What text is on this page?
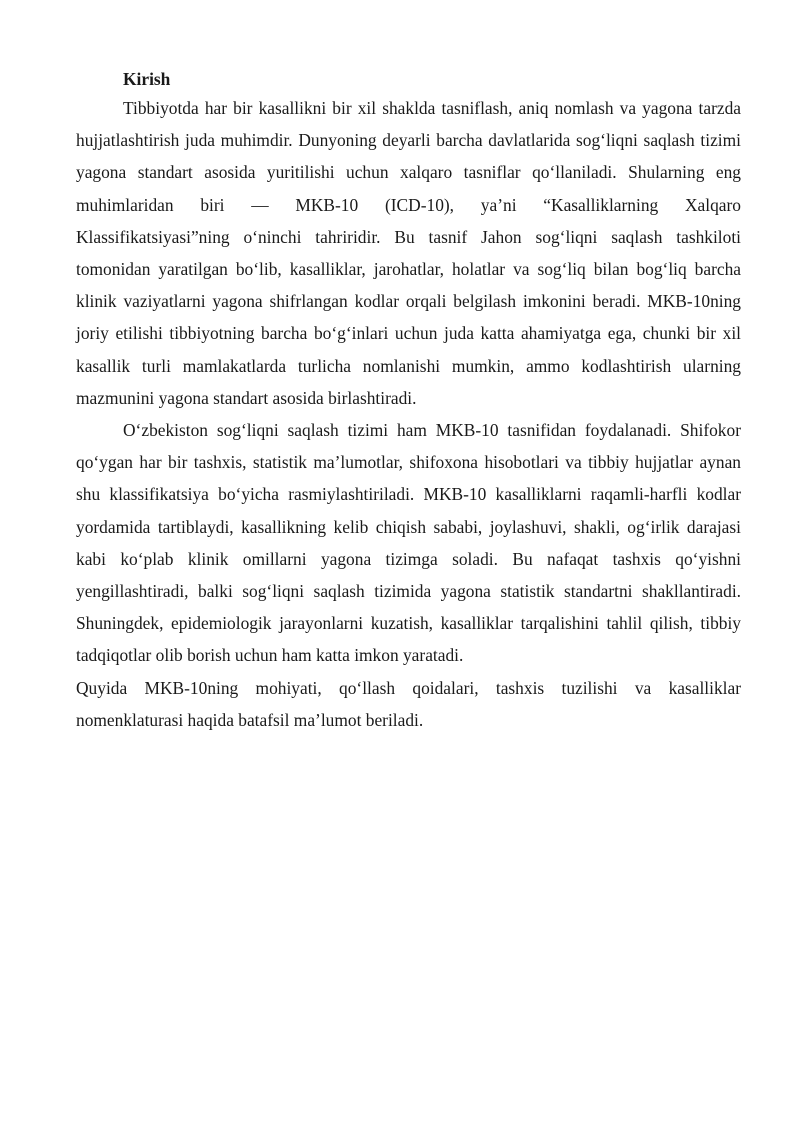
Kirish

Tibbiyotda har bir kasallikni bir xil shaklda tasniflash, aniq nomlash va yagona tarzda hujjatlashtirish juda muhimdir. Dunyoning deyarli barcha davlatlarida sog‘liqni saqlash tizimi yagona standart asosida yuritilishi uchun xalqaro tasniflar qo‘llaniladi. Shularning eng muhimlaridan biri — MKB-10 (ICD-10), ya’ni “Kasalliklarning Xalqaro Klassifikatsiyasi”ning o‘ninchi tahriridir. Bu tasnif Jahon sog‘liqni saqlash tashkiloti tomonidan yaratilgan bo‘lib, kasalliklar, jarohatlar, holatlar va sog‘liq bilan bog‘liq barcha klinik vaziyatlarni yagona shifrlangan kodlar orqali belgilash imkonini beradi. MKB-10ning joriy etilishi tibbiyotning barcha bo‘g‘inlari uchun juda katta ahamiyatga ega, chunki bir xil kasallik turli mamlakatlarda turlicha nomlanishi mumkin, ammo kodlashtirish ularning mazmunini yagona standart asosida birlashtiradi.

O‘zbekiston sog‘liqni saqlash tizimi ham MKB-10 tasnifidan foydalanadi. Shifokor qo‘ygan har bir tashxis, statistik ma’lumotlar, shifoxona hisobotlari va tibbiy hujjatlar aynan shu klassifikatsiya bo‘yicha rasmiylashtiriladi. MKB-10 kasalliklarni raqamli-harfli kodlar yordamida tartiblaydi, kasallikning kelib chiqish sababi, joylashuvi, shakli, og‘irlik darajasi kabi ko‘plab klinik omillarni yagona tizimga soladi. Bu nafaqat tashxis qo‘yishni yengillashtiradi, balki sog‘liqni saqlash tizimida yagona statistik standartni shakllantiradi. Shuningdek, epidemiologik jarayonlarni kuzatish, kasalliklar tarqalishini tahlil qilish, tibbiy tadqiqotlar olib borish uchun ham katta imkon yaratadi.

Quyida MKB-10ning mohiyati, qo‘llash qoidalari, tashxis tuzilishi va kasalliklar nomenklaturasi haqida batafsil ma’lumot beriladi.
